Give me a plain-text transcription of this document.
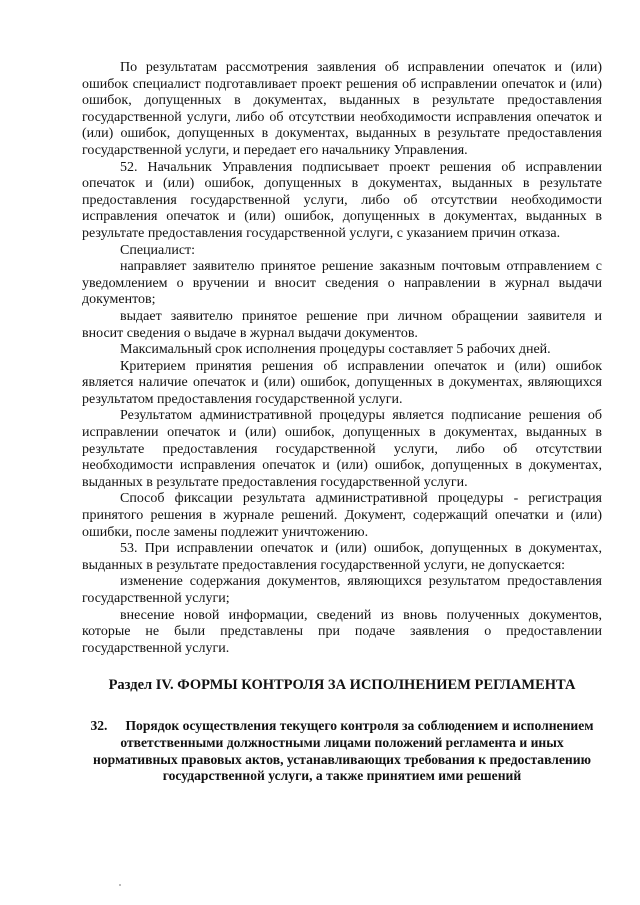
По результатам рассмотрения заявления об исправлении опечаток и (или) ошибок специалист подготавливает проект решения об исправлении опечаток и (или) ошибок, допущенных в документах, выданных в результате предоставления государственной услуги, либо об отсутствии необходимости исправления опечаток и (или) ошибок, допущенных в документах, выданных в результате предоставления государственной услуги, и передает его начальнику Управления.

52. Начальник Управления подписывает проект решения об исправлении опечаток и (или) ошибок, допущенных в документах, выданных в результате предоставления государственной услуги, либо об отсутствии необходимости исправления опечаток и (или) ошибок, допущенных в документах, выданных в результате предоставления государственной услуги, с указанием причин отказа.

Специалист:

направляет заявителю принятое решение заказным почтовым отправлением с уведомлением о вручении и вносит сведения о направлении в журнал выдачи документов;

выдает заявителю принятое решение при личном обращении заявителя и вносит сведения о выдаче в журнал выдачи документов.

Максимальный срок исполнения процедуры составляет 5 рабочих дней.

Критерием принятия решения об исправлении опечаток и (или) ошибок является наличие опечаток и (или) ошибок, допущенных в документах, являющихся результатом предоставления государственной услуги.

Результатом административной процедуры является подписание решения об исправлении опечаток и (или) ошибок, допущенных в документах, выданных в результате предоставления государственной услуги, либо об отсутствии необходимости исправления опечаток и (или) ошибок, допущенных в документах, выданных в результате предоставления государственной услуги.

Способ фиксации результата административной процедуры - регистрация принятого решения в журнале решений. Документ, содержащий опечатки и (или) ошибки, после замены подлежит уничтожению.

53. При исправлении опечаток и (или) ошибок, допущенных в документах, выданных в результате предоставления государственной услуги, не допускается:

изменение содержания документов, являющихся результатом предоставления государственной услуги;

внесение новой информации, сведений из вновь полученных документов, которые не были представлены при подаче заявления о предоставлении государственной услуги.

Раздел IV. ФОРМЫ КОНТРОЛЯ ЗА ИСПОЛНЕНИЕМ РЕГЛАМЕНТА
32. Порядок осуществления текущего контроля за соблюдением и исполнением ответственными должностными лицами положений регламента и иных нормативных правовых актов, устанавливающих требования к предоставлению государственной услуги, а также принятием ими решений
